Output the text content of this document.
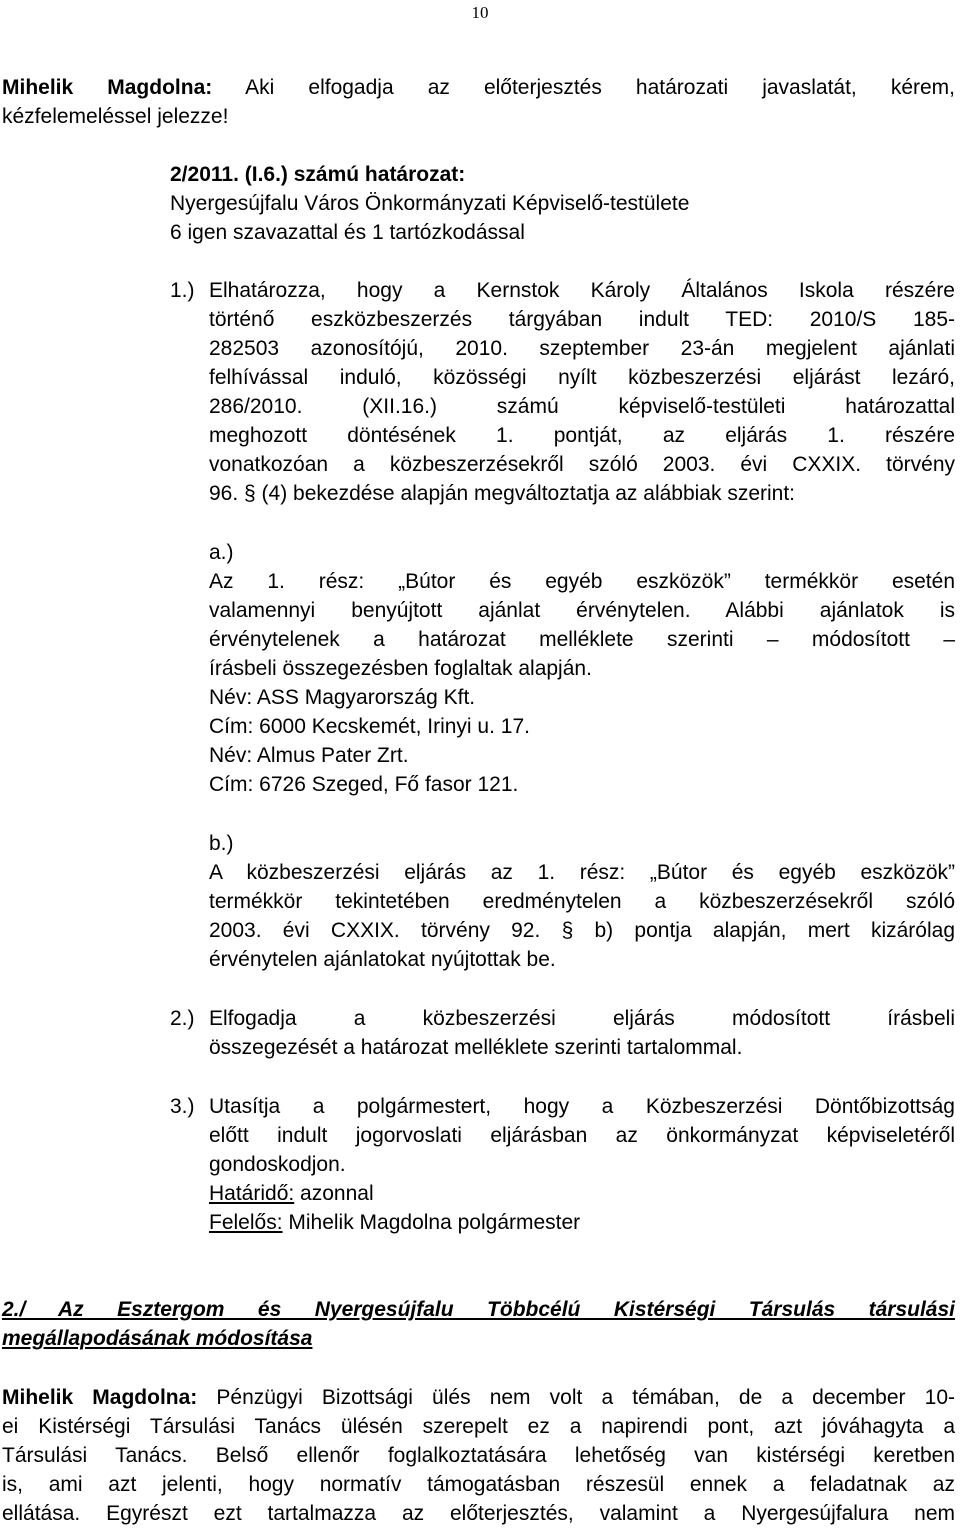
10
Mihelik Magdolna: Aki elfogadja az előterjesztés határozati javaslatát, kérem,
kézfelemeléssel jelezze!
2/2011. (I.6.) számú határozat:
Nyergesújfalu Város Önkormányzati Képviselő-testülete
6 igen szavazattal és 1 tartózkodással
1.) Elhatározza, hogy a Kernstok Károly Általános Iskola részére
történő eszközbeszerzés tárgyában indult TED: 2010/S 185-
282503 azonosítójú, 2010. szeptember 23-án megjelent ajánlati
felhívással induló, közösségi nyílt közbeszerzési eljárást lezáró,
286/2010. (XII.16.) számú képviselő-testületi határozattal
meghozott döntésének 1. pontját, az eljárás 1. részére
vonatkozóan a közbeszerzésekről szóló 2003. évi CXXIX. törvény
96. § (4) bekezdése alapján megváltoztatja az alábbiak szerint:
a.)
Az 1. rész: „Bútor és egyéb eszközök” termékkör esetén
valamennyi benyújtott ajánlat érvénytelen. Alábbi ajánlatok is
érvénytelenek a határozat melléklete szerinti – módosított –
írásbeli összegezésben foglaltak alapján.
Név: ASS Magyarország Kft.
Cím: 6000 Kecskemét, Irinyi u. 17.
Név: Almus Pater Zrt.
Cím: 6726 Szeged, Fő fasor 121.
b.)
A közbeszerzési eljárás az 1. rész: „Bútor és egyéb eszközök”
termékkör tekintetében eredménytelen a közbeszerzésekről szóló
2003. évi CXXIX. törvény 92. § b) pontja alapján, mert kizárólag
érvénytelen ajánlatokat nyújtottak be.
2.) Elfogadja a közbeszerzési eljárás módosított írásbeli
összegezését a határozat melléklete szerinti tartalommal.
3.) Utasítja a polgármestert, hogy a Közbeszerzési Döntőbizottság
előtt indult jogorvoslati eljárásban az önkormányzat képviseletéről
gondoskodjon.
Határidő: azonnal
Felelős: Mihelik Magdolna polgármester
2./ Az Esztergom és Nyergesújfalu Többcélú Kistérségi Társulás társulási
megállapodásának módosítása
Mihelik Magdolna: Pénzügyi Bizottsági ülés nem volt a témában, de a december 10-
ei Kistérségi Társulási Tanács ülésén szerepelt ez a napirendi pont, azt jóváhagyta a
Társulási Tanács. Belső ellenőr foglalkoztatására lehetőség van kistérségi keretben
is, ami azt jelenti, hogy normatív támogatásban részesül ennek a feladatnak az
ellátása. Egyrészt ezt tartalmazza az előterjesztés, valamint a Nyergesújfalura nem
